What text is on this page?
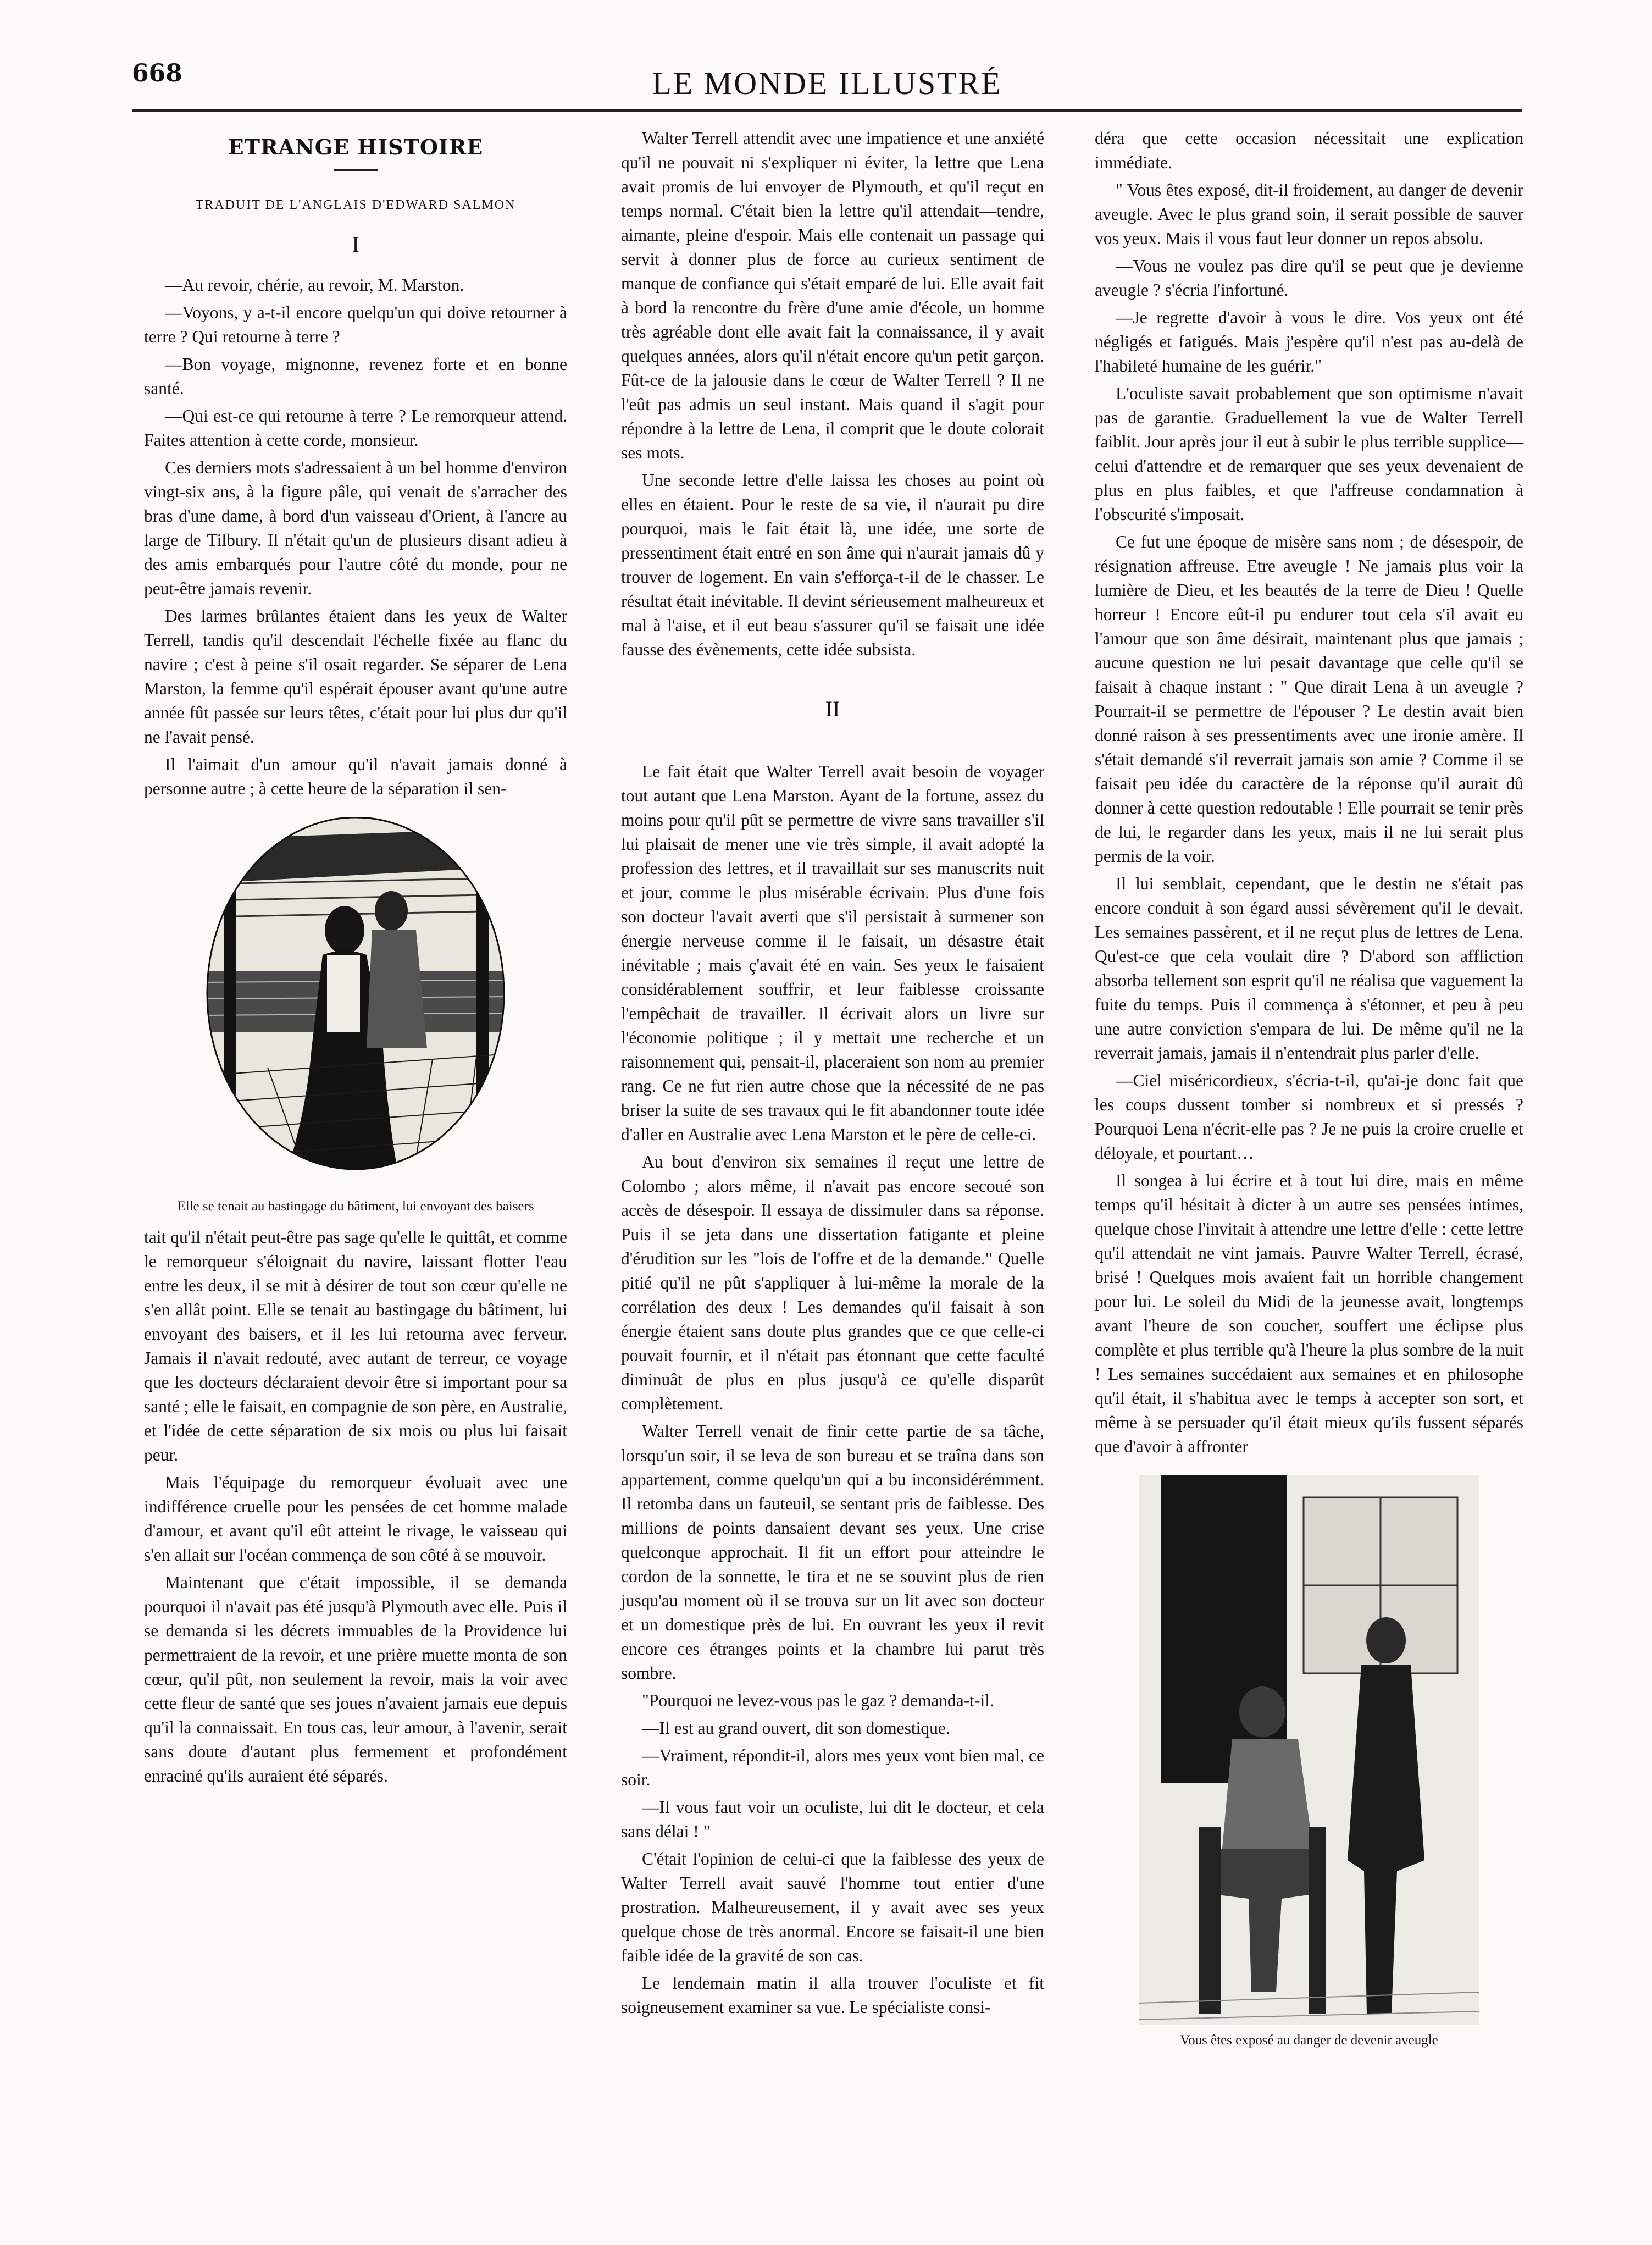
668	LE MONDE ILLUSTRÉ
ETRANGE HISTOIRE
TRADUIT DE L'ANGLAIS D'EDWARD SALMON
I

—Au revoir, chérie, au revoir, M. Marston.

—Voyons, y a-t-il encore quelqu'un qui doive retourner à terre ? Qui retourne à terre ?

—Bon voyage, mignonne, revenez forte et en bonne santé.

—Qui est-ce qui retourne à terre ? Le remorqueur attend. Faites attention à cette corde, monsieur.

Ces derniers mots s'adressaient à un bel homme d'environ vingt-six ans, à la figure pâle, qui venait de s'arracher des bras d'une dame, à bord d'un vaisseau d'Orient, à l'ancre au large de Tilbury. Il n'était qu'un de plusieurs disant adieu à des amis embarqués pour l'autre côté du monde, pour ne peut-être jamais revenir.

Des larmes brûlantes étaient dans les yeux de Walter Terrell, tandis qu'il descendait l'échelle fixée au flanc du navire ; c'est à peine s'il osait regarder. Se séparer de Lena Marston, la femme qu'il espérait épouser avant qu'une autre année fût passée sur leurs têtes, c'était pour lui plus dur qu'il ne l'avait pensé.

Il l'aimait d'un amour qu'il n'avait jamais donné à personne autre ; à cette heure de la séparation il sen-

Elle se tenait au bastingage du bâtiment, lui envoyant des baisers

tait qu'il n'était peut-être pas sage qu'elle le quittât, et comme le remorqueur s'éloignait du navire, laissant flotter l'eau entre les deux, il se mit à désirer de tout son cœur qu'elle ne s'en allât point. Elle se tenait au bastingage du bâtiment, lui envoyant des baisers, et il les lui retourna avec ferveur. Jamais il n'avait redouté, avec autant de terreur, ce voyage que les docteurs déclaraient devoir être si important pour sa santé ; elle le faisait, en compagnie de son père, en Australie, et l'idée de cette séparation de six mois ou plus lui faisait peur.

Mais l'équipage du remorqueur évoluait avec une indifférence cruelle pour les pensées de cet homme malade d'amour, et avant qu'il eût atteint le rivage, le vaisseau qui s'en allait sur l'océan commença de son côté à se mouvoir.

Maintenant que c'était impossible, il se demanda pourquoi il n'avait pas été jusqu'à Plymouth avec elle. Puis il se demanda si les décrets immuables de la Providence lui permettraient de la revoir, et une prière muette monta de son cœur, qu'il pût, non seulement la revoir, mais la voir avec cette fleur de santé que ses joues n'avaient jamais eue depuis qu'il la connaissait. En tous cas, leur amour, à l'avenir, serait sans doute d'autant plus fermement et profondément enraciné qu'ils auraient été séparés.

Walter Terrell attendit avec une impatience et une anxiété qu'il ne pouvait ni s'expliquer ni éviter, la lettre que Lena avait promis de lui envoyer de Plymouth, et qu'il reçut en temps normal. C'était bien la lettre qu'il attendait—tendre, aimante, pleine d'espoir. Mais elle contenait un passage qui servit à donner plus de force au curieux sentiment de manque de confiance qui s'était emparé de lui. Elle avait fait à bord la rencontre du frère d'une amie d'école, un homme très agréable dont elle avait fait la connaissance, il y avait quelques années, alors qu'il n'était encore qu'un petit garçon. Fût-ce de la jalousie dans le cœur de Walter Terrell ? Il ne l'eût pas admis un seul instant. Mais quand il s'agit pour répondre à la lettre de Lena, il comprit que le doute colorait ses mots.

Une seconde lettre d'elle laissa les choses au point où elles en étaient. Pour le reste de sa vie, il n'aurait pu dire pourquoi, mais le fait était là, une idée, une sorte de pressentiment était entré en son âme qui n'aurait jamais dû y trouver de logement. En vain s'efforça-t-il de le chasser. Le résultat était inévitable. Il devint sérieusement malheureux et mal à l'aise, et il eut beau s'assurer qu'il se faisait une idée fausse des évènements, cette idée subsista.

II

Le fait était que Walter Terrell avait besoin de voyager tout autant que Lena Marston. Ayant de la fortune, assez du moins pour qu'il pût se permettre de vivre sans travailler s'il lui plaisait de mener une vie très simple, il avait adopté la profession des lettres, et il travaillait sur ses manuscrits nuit et jour, comme le plus misérable écrivain. Plus d'une fois son docteur l'avait averti que s'il persistait à surmener son énergie nerveuse comme il le faisait, un désastre était inévitable ; mais ç'avait été en vain. Ses yeux le faisaient considérablement souffrir, et leur faiblesse croissante l'empêchait de travailler. Il écrivait alors un livre sur l'économie politique ; il y mettait une recherche et un raisonnement qui, pensait-il, placeraient son nom au premier rang. Ce ne fut rien autre chose que la nécessité de ne pas briser la suite de ses travaux qui le fit abandonner toute idée d'aller en Australie avec Lena Marston et le père de celle-ci.

Au bout d'environ six semaines il reçut une lettre de Colombo ; alors même, il n'avait pas encore secoué son accès de désespoir. Il essaya de dissimuler dans sa réponse. Puis il se jeta dans une dissertation fatigante et pleine d'érudition sur les "lois de l'offre et de la demande." Quelle pitié qu'il ne pût s'appliquer à lui-même la morale de la corrélation des deux ! Les demandes qu'il faisait à son énergie étaient sans doute plus grandes que ce que celle-ci pouvait fournir, et il n'était pas étonnant que cette faculté diminuât de plus en plus jusqu'à ce qu'elle disparût complètement.

Walter Terrell venait de finir cette partie de sa tâche, lorsqu'un soir, il se leva de son bureau et se traîna dans son appartement, comme quelqu'un qui a bu inconsidérémment. Il retomba dans un fauteuil, se sentant pris de faiblesse. Des millions de points dansaient devant ses yeux. Une crise quelconque approchait. Il fit un effort pour atteindre le cordon de la sonnette, le tira et ne se souvint plus de rien jusqu'au moment où il se trouva sur un lit avec son docteur et un domestique près de lui. En ouvrant les yeux il revit encore ces étranges points et la chambre lui parut très sombre.

"Pourquoi ne levez-vous pas le gaz ? demanda-t-il.

—Il est au grand ouvert, dit son domestique.

—Vraiment, répondit-il, alors mes yeux vont bien mal, ce soir.

—Il vous faut voir un oculiste, lui dit le docteur, et cela sans délai ! "

C'était l'opinion de celui-ci que la faiblesse des yeux de Walter Terrell avait sauvé l'homme tout entier d'une prostration. Malheureusement, il y avait avec ses yeux quelque chose de très anormal. Encore se faisait-il une bien faible idée de la gravité de son cas.

Le lendemain matin il alla trouver l'oculiste et fit soigneusement examiner sa vue. Le spécialiste consi-

déra que cette occasion nécessitait une explication immédiate.

" Vous êtes exposé, dit-il froidement, au danger de devenir aveugle. Avec le plus grand soin, il serait possible de sauver vos yeux. Mais il vous faut leur donner un repos absolu.

—Vous ne voulez pas dire qu'il se peut que je devienne aveugle ? s'écria l'infortuné.

—Je regrette d'avoir à vous le dire. Vos yeux ont été négligés et fatigués. Mais j'espère qu'il n'est pas au-delà de l'habileté humaine de les guérir."

L'oculiste savait probablement que son optimisme n'avait pas de garantie. Graduellement la vue de Walter Terrell faiblit. Jour après jour il eut à subir le plus terrible supplice—celui d'attendre et de remarquer que ses yeux devenaient de plus en plus faibles, et que l'affreuse condamnation à l'obscurité s'imposait.

Ce fut une époque de misère sans nom ; de désespoir, de résignation affreuse. Etre aveugle ! Ne jamais plus voir la lumière de Dieu, et les beautés de la terre de Dieu ! Quelle horreur ! Encore eût-il pu endurer tout cela s'il avait eu l'amour que son âme désirait, maintenant plus que jamais ; aucune question ne lui pesait davantage que celle qu'il se faisait à chaque instant : " Que dirait Lena à un aveugle ? Pourrait-il se permettre de l'épouser ? Le destin avait bien donné raison à ses pressentiments avec une ironie amère. Il s'était demandé s'il reverrait jamais son amie ? Comme il se faisait peu idée du caractère de la réponse qu'il aurait dû donner à cette question redoutable ! Elle pourrait se tenir près de lui, le regarder dans les yeux, mais il ne lui serait plus permis de la voir.

Il lui semblait, cependant, que le destin ne s'était pas encore conduit à son égard aussi sévèrement qu'il le devait. Les semaines passèrent, et il ne reçut plus de lettres de Lena. Qu'est-ce que cela voulait dire ? D'abord son affliction absorba tellement son esprit qu'il ne réalisa que vaguement la fuite du temps. Puis il commença à s'étonner, et peu à peu une autre conviction s'empara de lui. De même qu'il ne la reverrait jamais, jamais il n'entendrait plus parler d'elle.

—Ciel miséricordieux, s'écria-t-il, qu'ai-je donc fait que les coups dussent tomber si nombreux et si pressés ? Pourquoi Lena n'écrit-elle pas ? Je ne puis la croire cruelle et déloyale, et pourtant…

Il songea à lui écrire et à tout lui dire, mais en même temps qu'il hésitait à dicter à un autre ses pensées intimes, quelque chose l'invitait à attendre une lettre d'elle : cette lettre qu'il attendait ne vint jamais. Pauvre Walter Terrell, écrasé, brisé ! Quelques mois avaient fait un horrible changement pour lui. Le soleil du Midi de la jeunesse avait, longtemps avant l'heure de son coucher, souffert une éclipse plus complète et plus terrible qu'à l'heure la plus sombre de la nuit ! Les semaines succédaient aux semaines et en philosophe qu'il était, il s'habitua avec le temps à accepter son sort, et même à se persuader qu'il était mieux qu'ils fussent séparés que d'avoir à affronter

Vous êtes exposé au danger de devenir aveugle
